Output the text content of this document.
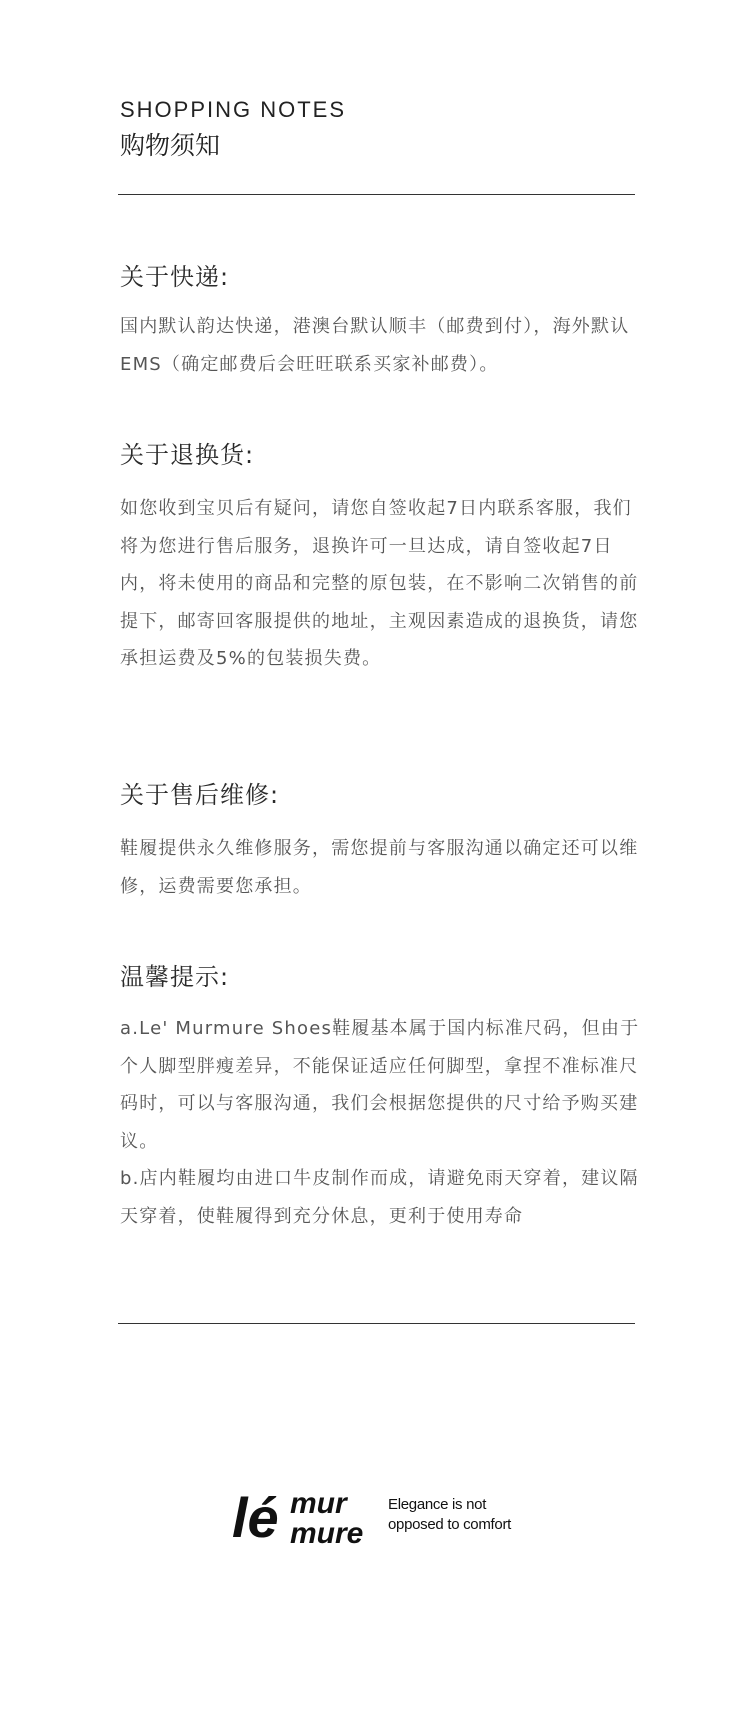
SHOPPING NOTES
购物须知
关于快递:

国内默认韵达快递，港澳台默认顺丰（邮费到付），海外默认EMS（确定邮费后会旺旺联系买家补邮费）。

关于退换货:

如您收到宝贝后有疑问，请您自签收起7日内联系客服，我们将为您进行售后服务，退换许可一旦达成，请自签收起7日内，将未使用的商品和完整的原包装，在不影响二次销售的前提下，邮寄回客服提供的地址，主观因素造成的退换货，请您承担运费及5%的包装损失费。

关于售后维修:

鞋履提供永久维修服务，需您提前与客服沟通以确定还可以维修，运费需要您承担。

温馨提示:

a.Le' Murmure Shoes鞋履基本属于国内标准尺码，但由于个人脚型胖瘦差异，不能保证适应任何脚型，拿捏不准标准尺码时，可以与客服沟通，我们会根据您提供的尺寸给予购买建议。

b.店内鞋履均由进口牛皮制作而成，请避免雨天穿着，建议隔天穿着，使鞋履得到充分休息，更利于使用寿命

lé mur
mure
Elegance is not
opposed to comfort
